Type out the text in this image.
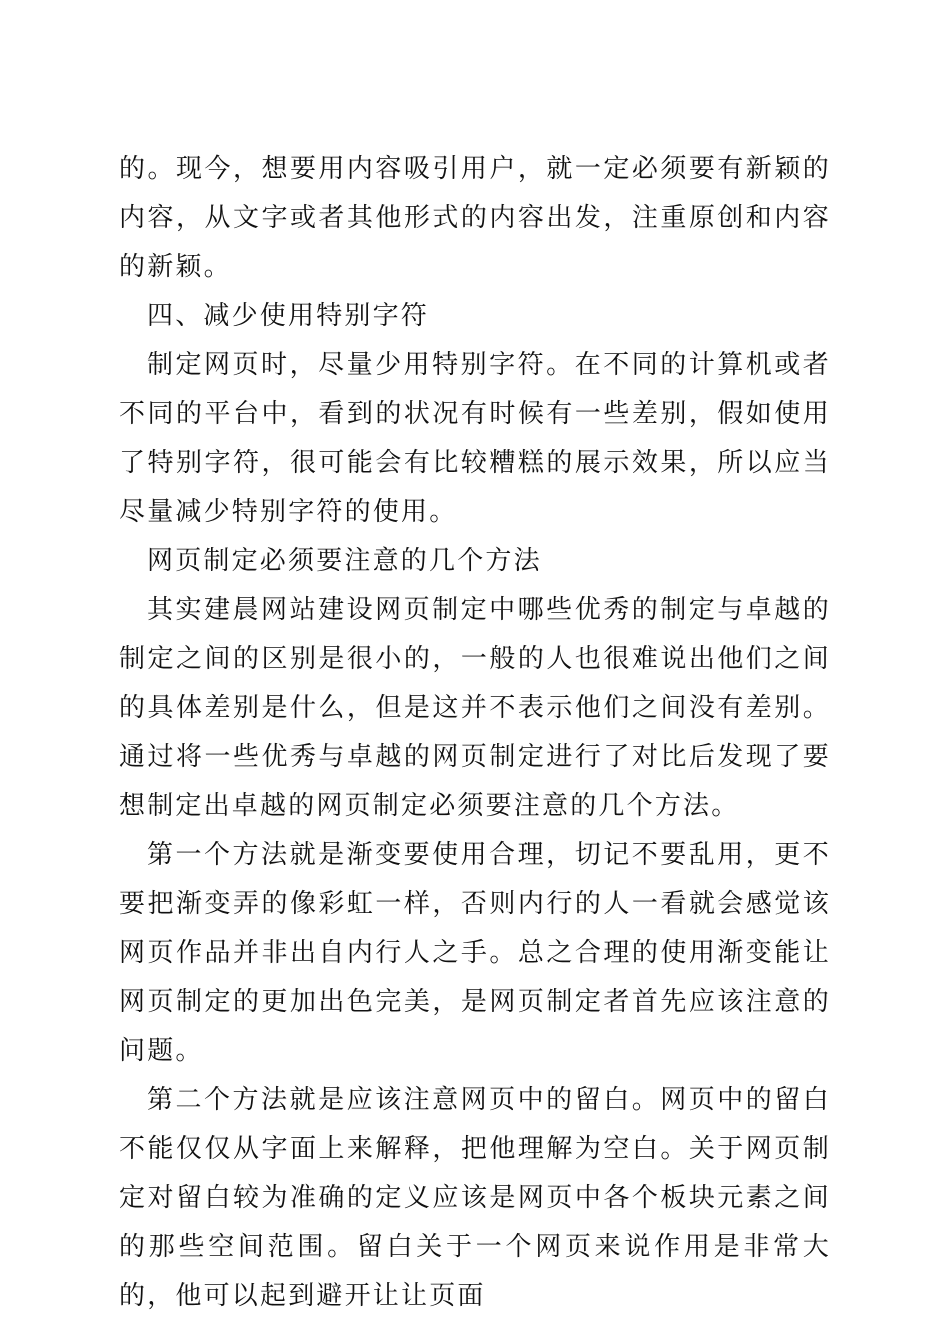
的。现今，想要用内容吸引用户，就一定必须要有新颖的内容，从文字或者其他形式的内容出发，注重原创和内容的新颖。

四、减少使用特别字符

制定网页时，尽量少用特别字符。在不同的计算机或者不同的平台中，看到的状况有时候有一些差别，假如使用了特别字符，很可能会有比较糟糕的展示效果，所以应当尽量减少特别字符的使用。

网页制定必须要注意的几个方法

其实建晨网站建设网页制定中哪些优秀的制定与卓越的制定之间的区别是很小的，一般的人也很难说出他们之间的具体差别是什么，但是这并不表示他们之间没有差别。通过将一些优秀与卓越的网页制定进行了对比后发现了要想制定出卓越的网页制定必须要注意的几个方法。

第一个方法就是渐变要使用合理，切记不要乱用，更不要把渐变弄的像彩虹一样，否则内行的人一看就会感觉该网页作品并非出自内行人之手。总之合理的使用渐变能让网页制定的更加出色完美，是网页制定者首先应该注意的问题。

第二个方法就是应该注意网页中的留白。网页中的留白不能仅仅从字面上来解释，把他理解为空白。关于网页制定对留白较为准确的定义应该是网页中各个板块元素之间的那些空间范围。留白关于一个网页来说作用是非常大的，他可以起到避开让让页面
